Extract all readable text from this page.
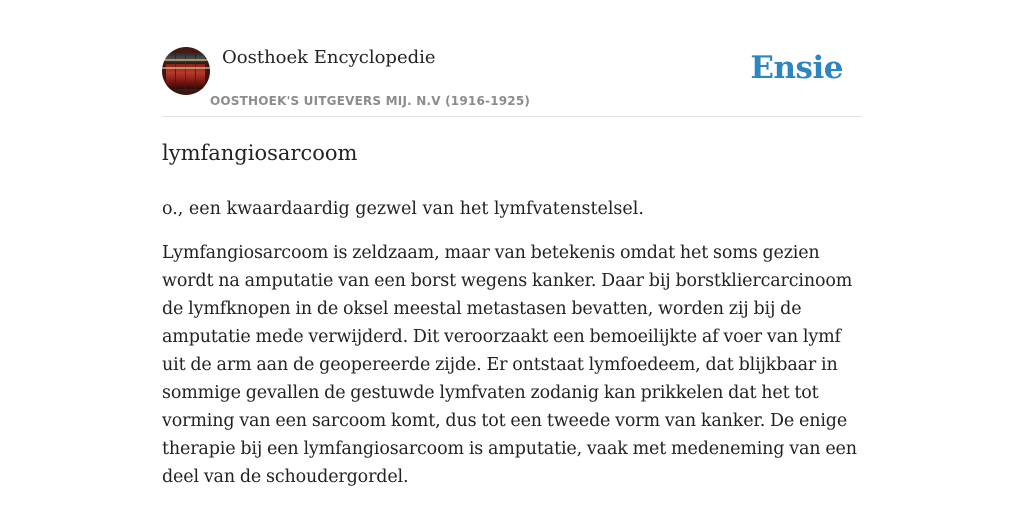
Oosthoek Encyclopedie
OOSTHOEK'S UITGEVERS MIJ. N.V (1916-1925)
Ensie
lymfangiosarcoom

o., een kwaardaardig gezwel van het lymfvatenstelsel.

Lymfangiosarcoom is zeldzaam, maar van betekenis omdat het soms gezien wordt na amputatie van een borst wegens kanker. Daar bij borstkliercarcinoom de lymfknopen in de oksel meestal metastasen bevatten, worden zij bij de amputatie mede verwijderd. Dit veroorzaakt een bemoeilijkte af voer van lymf uit de arm aan de geopereerde zijde. Er ontstaat lymfoedeem, dat blijkbaar in sommige gevallen de gestuwde lymfvaten zodanig kan prikkelen dat het tot vorming van een sarcoom komt, dus tot een tweede vorm van kanker. De enige therapie bij een lymfangiosarcoom is amputatie, vaak met medeneming van een deel van de schoudergordel.
